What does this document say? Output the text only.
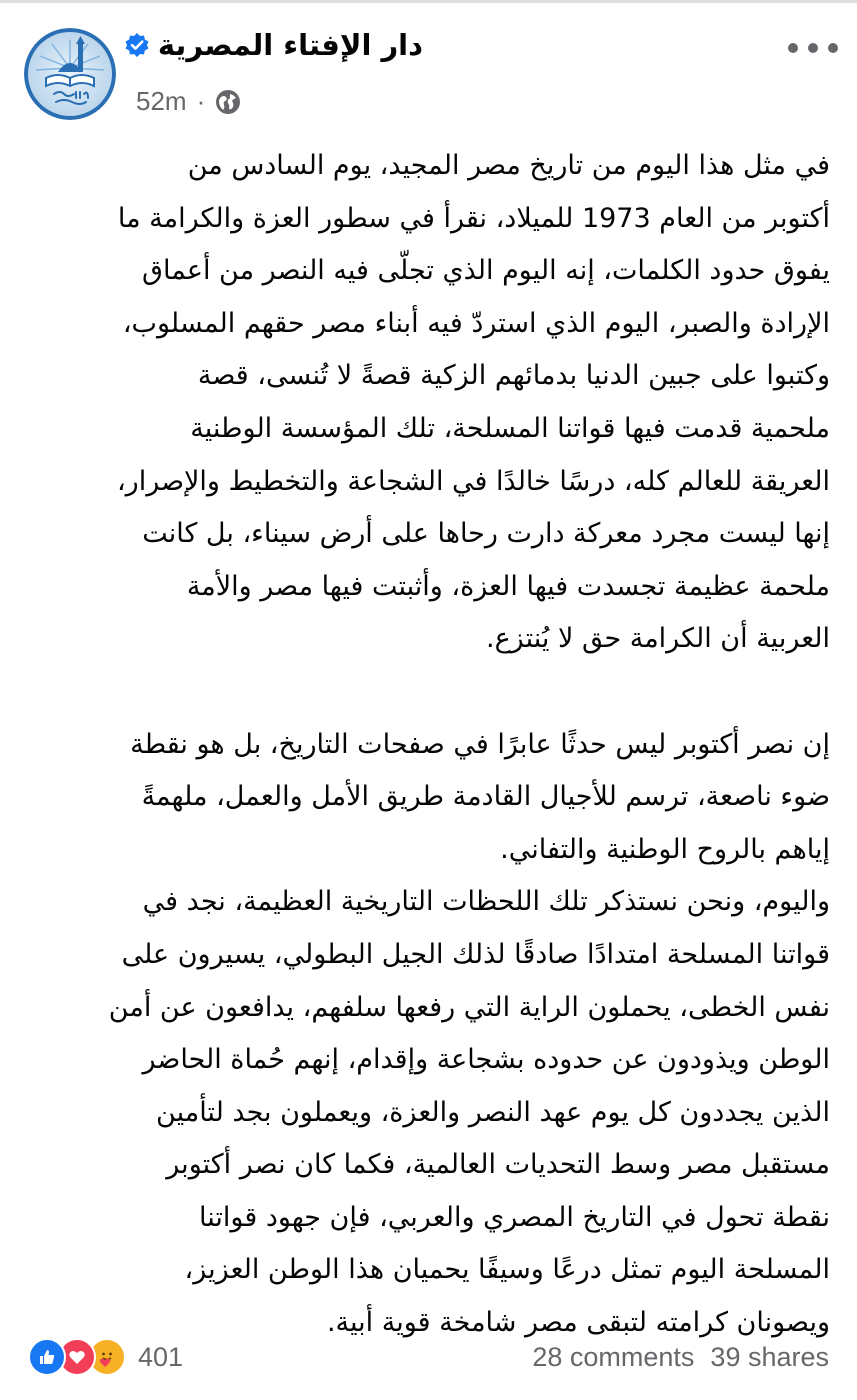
دار الإفتاء المصرية
52m ·

في مثل هذا اليوم من تاريخ مصر المجيد، يوم السادس من
أكتوبر من العام 1973 للميلاد، نقرأ في سطور العزة والكرامة ما
يفوق حدود الكلمات، إنه اليوم الذي تجلّى فيه النصر من أعماق
الإرادة والصبر، اليوم الذي استردّ فيه أبناء مصر حقهم المسلوب،
وكتبوا على جبين الدنيا بدمائهم الزكية قصةً لا تُنسى، قصة
ملحمية قدمت فيها قواتنا المسلحة، تلك المؤسسة الوطنية
العريقة للعالم كله، درسًا خالدًا في الشجاعة والتخطيط والإصرار،
إنها ليست مجرد معركة دارت رحاها على أرض سيناء، بل كانت
ملحمة عظيمة تجسدت فيها العزة، وأثبتت فيها مصر والأمة
العربية أن الكرامة حق لا يُنتزع.

إن نصر أكتوبر ليس حدثًا عابرًا في صفحات التاريخ، بل هو نقطة
ضوء ناصعة، ترسم للأجيال القادمة طريق الأمل والعمل، ملهمةً
إياهم بالروح الوطنية والتفاني.

واليوم، ونحن نستذكر تلك اللحظات التاريخية العظيمة، نجد في
قواتنا المسلحة امتدادًا صادقًا لذلك الجيل البطولي، يسيرون على
نفس الخطى، يحملون الراية التي رفعها سلفهم، يدافعون عن أمن
الوطن ويذودون عن حدوده بشجاعة وإقدام، إنهم حُماة الحاضر
الذين يجددون كل يوم عهد النصر والعزة، ويعملون بجد لتأمين
مستقبل مصر وسط التحديات العالمية، فكما كان نصر أكتوبر
نقطة تحول في التاريخ المصري والعربي، فإن جهود قواتنا
المسلحة اليوم تمثل درعًا وسيفًا يحميان هذا الوطن العزيز،
ويصونان كرامته لتبقى مصر شامخة قوية أبية.

401	28 comments 39 shares
